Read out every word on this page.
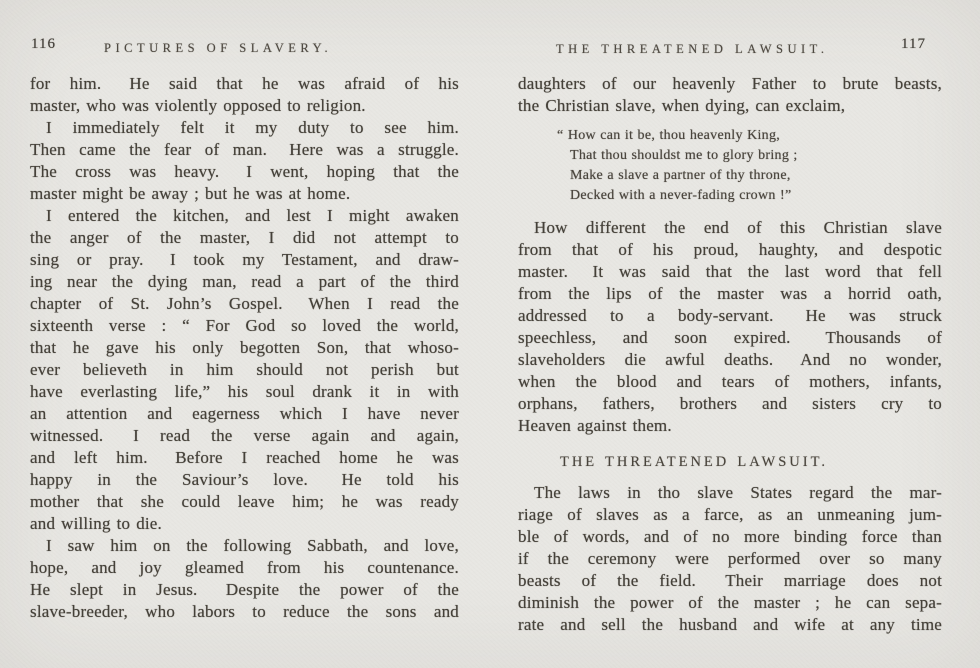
116	PICTURES OF SLAVERY.
for him.  He said that he was afraid of his
master, who was violently opposed to religion.
I immediately felt it my duty to see him.
Then came the fear of man.  Here was a struggle.
The cross was heavy.  I went, hoping that the
master might be away ; but he was at home.
I entered the kitchen, and lest I might awaken
the anger of the master, I did not attempt to
sing or pray.  I took my Testament, and draw-
ing near the dying man, read a part of the third
chapter of St. John’s Gospel.  When I read the
sixteenth verse : “ For God so loved the world,
that he gave his only begotten Son, that whoso-
ever believeth in him should not perish but
have everlasting life,” his soul drank it in with
an attention and eagerness which I have never
witnessed.  I read the verse again and again,
and left him.  Before I reached home he was
happy in the Saviour’s love.  He told his
mother that she could leave him; he was ready
and willing to die.
I saw him on the following Sabbath, and love,
hope, and joy gleamed from his countenance.
He slept in Jesus.  Despite the power of the
slave-breeder, who labors to reduce the sons and
THE THREATENED LAWSUIT.	117
daughters of our heavenly Father to brute beasts,
the Christian slave, when dying, can exclaim,
“ How can it be, thou heavenly King,
That thou shouldst me to glory bring ;
Make a slave a partner of thy throne,
Decked with a never-fading crown !”
How different the end of this Christian slave
from that of his proud, haughty, and despotic
master.  It was said that the last word that fell
from the lips of the master was a horrid oath,
addressed to a body-servant.  He was struck
speechless, and soon expired.  Thousands of
slaveholders die awful deaths.  And no wonder,
when the blood and tears of mothers, infants,
orphans, fathers, brothers and sisters cry to
Heaven against them.
THE THREATENED LAWSUIT.
The laws in tho slave States regard the mar-
riage of slaves as a farce, as an unmeaning jum-
ble of words, and of no more binding force than
if the ceremony were performed over so many
beasts of the field.  Their marriage does not
diminish the power of the master ; he can sepa-
rate and sell the husband and wife at any time
